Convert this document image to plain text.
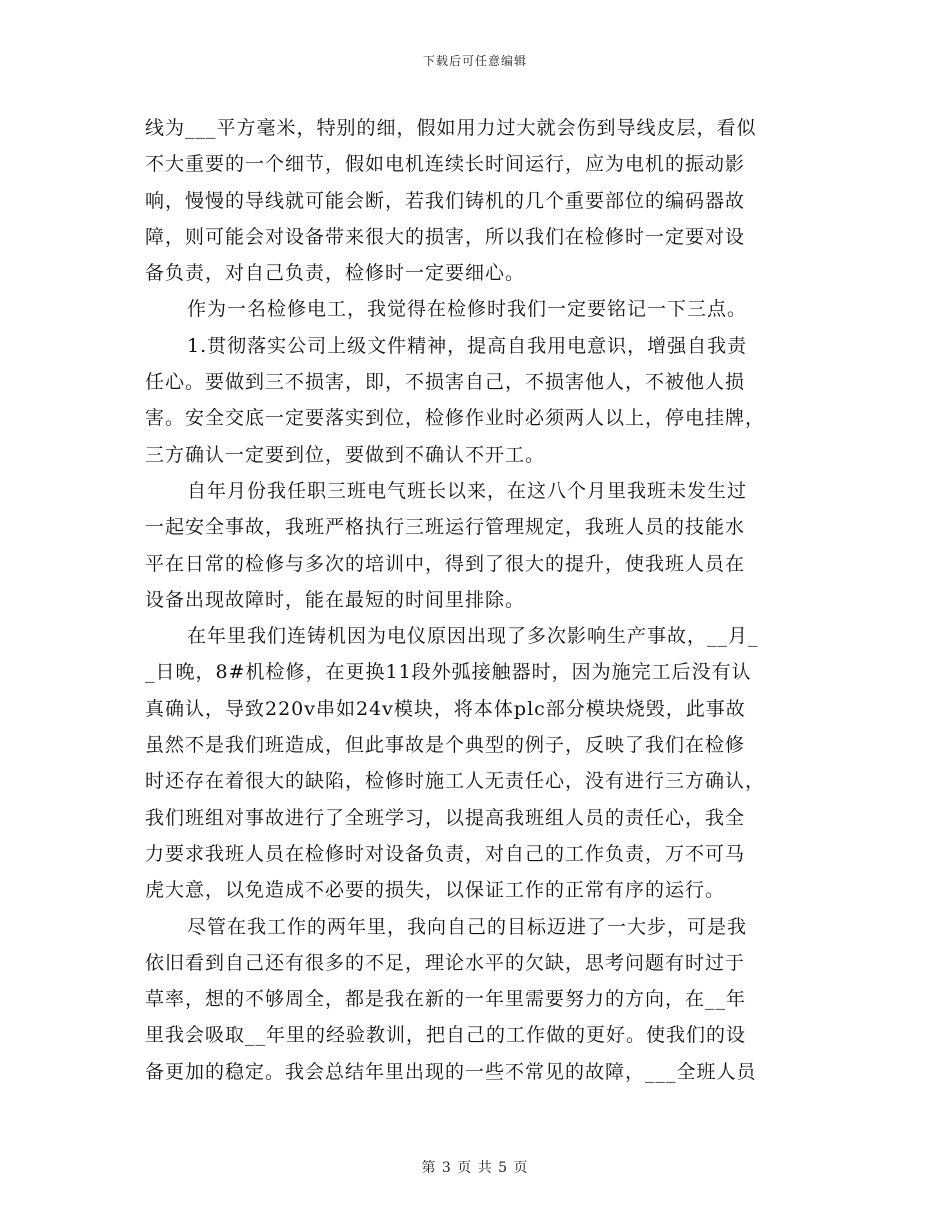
下载后可任意编辑
线为___平方毫米，特别的细，假如用力过大就会伤到导线皮层，看似
不大重要的一个细节，假如电机连续长时间运行，应为电机的振动影
响，慢慢的导线就可能会断，若我们铸机的几个重要部位的编码器故
障，则可能会对设备带来很大的损害，所以我们在检修时一定要对设
备负责，对自己负责，检修时一定要细心。
作为一名检修电工，我觉得在检修时我们一定要铭记一下三点。
1.贯彻落实公司上级文件精神，提高自我用电意识，增强自我责
任心。要做到三不损害，即，不损害自己，不损害他人，不被他人损
害。安全交底一定要落实到位，检修作业时必须两人以上，停电挂牌，
三方确认一定要到位，要做到不确认不开工。
自年月份我任职三班电气班长以来，在这八个月里我班未发生过
一起安全事故，我班严格执行三班运行管理规定，我班人员的技能水
平在日常的检修与多次的培训中，得到了很大的提升，使我班人员在
设备出现故障时，能在最短的时间里排除。
在年里我们连铸机因为电仪原因出现了多次影响生产事故，__月_
_日晚，8#机检修，在更换11段外弧接触器时，因为施完工后没有认
真确认，导致220v串如24v模块，将本体plc部分模块烧毁，此事故
虽然不是我们班造成，但此事故是个典型的例子，反映了我们在检修
时还存在着很大的缺陷，检修时施工人无责任心，没有进行三方确认，
我们班组对事故进行了全班学习，以提高我班组人员的责任心，我全
力要求我班人员在检修时对设备负责，对自己的工作负责，万不可马
虎大意，以免造成不必要的损失，以保证工作的正常有序的运行。
尽管在我工作的两年里，我向自己的目标迈进了一大步，可是我
依旧看到自己还有很多的不足，理论水平的欠缺，思考问题有时过于
草率，想的不够周全，都是我在新的一年里需要努力的方向，在__年
里我会吸取__年里的经验教训，把自己的工作做的更好。使我们的设
备更加的稳定。我会总结年里出现的一些不常见的故障，___全班人员
第 3 页 共 5 页
